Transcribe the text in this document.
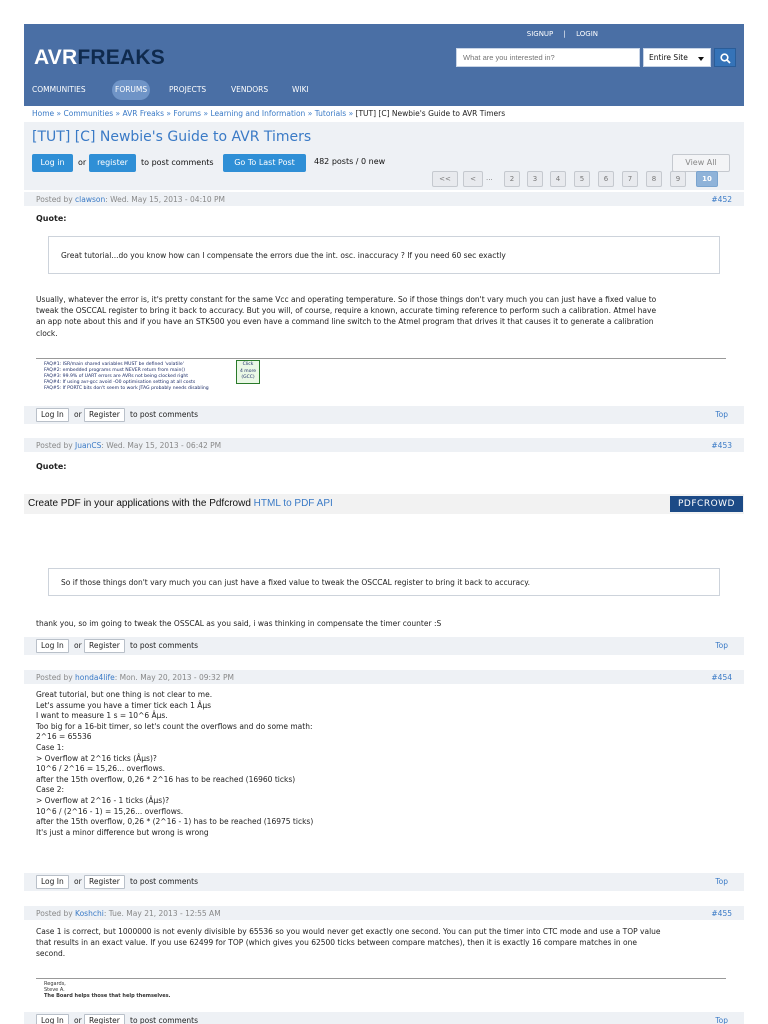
AVRFREAKS
SIGNUP | LOGIN
What are you interested in?
Entire Site
COMMUNITIES	FORUMS	PROJECTS	VENDORS	WIKI
Home » Communities » AVR Freaks » Forums » Learning and Information » Tutorials » [TUT] [C] Newbie's Guide to AVR Timers
[TUT] [C] Newbie's Guide to AVR Timers
Log in	or	register	to post comments	Go To Last Post	482 posts / 0 new	View All
<<	<	...	2	3	4	5	6	7	8	9	10
Posted by clawson: Wed. May 15, 2013 - 04:10 PM	#452
Quote:
Great tutorial...do you know how can I compensate the errors due the int. osc. inaccuracy ? If you need 60 sec exactly
Usually, whatever the error is, it's pretty constant for the same Vcc and operating temperature. So if those things don't vary much you can just have a fixed value to
tweak the OSCCAL register to bring it back to accuracy. But you will, of course, require a known, accurate timing reference to perform such a calibration. Atmel have
an app note about this and if you have an STK500 you even have a command line switch to the Atmel program that drives it that causes it to generate a calibration
clock.
FAQ#1: ISR/main shared variables MUST be defined 'volatile'
FAQ#2: embedded programs must NEVER return from main()
FAQ#3: 99.9% of UART errors are AVRs not being clocked right
FAQ#4: If using avr-gcc avoid -O0 optimisation setting at all costs
FAQ#5: If PORTC bits don't seem to work JTAG probably needs disabling
Click
4 more
(GCC)
Log In	or Register	to post comments	Top
Posted by JuanCS: Wed. May 15, 2013 - 06:42 PM	#453
Quote:
Create PDF in your applications with the Pdfcrowd HTML to PDF API	PDFCROWD
So if those things don't vary much you can just have a fixed value to tweak the OSCCAL register to bring it back to accuracy.
thank you, so im going to tweak the OSSCAL as you said, i was thinking in compensate the timer counter :S
Log In	or Register	to post comments	Top
Posted by honda4life: Mon. May 20, 2013 - 09:32 PM	#454
Great tutorial, but one thing is not clear to me.
Let's assume you have a timer tick each 1 Âµs
I want to measure 1 s = 10^6 Âµs.
Too big for a 16-bit timer, so let's count the overflows and do some math:
2^16 = 65536
Case 1:
> Overflow at 2^16 ticks (Âµs)?
10^6 / 2^16 = 15,26... overflows.
after the 15th overflow, 0,26 * 2^16 has to be reached (16960 ticks)
Case 2:
> Overflow at 2^16 - 1 ticks (Âµs)?
10^6 / (2^16 - 1) = 15,26... overflows.
after the 15th overflow, 0,26 * (2^16 - 1) has to be reached (16975 ticks)
It's just a minor difference but wrong is wrong
Log In	or Register	to post comments	Top
Posted by Koshchi: Tue. May 21, 2013 - 12:55 AM	#455
Case 1 is correct, but 1000000 is not evenly divisible by 65536 so you would never get exactly one second. You can put the timer into CTC mode and use a TOP value
that results in an exact value. If you use 62499 for TOP (which gives you 62500 ticks between compare matches), then it is exactly 16 compare matches in one
second.
Regards,
Steve A.
The Board helps those that help themselves.
Log In	or Register	to post comments	Top
